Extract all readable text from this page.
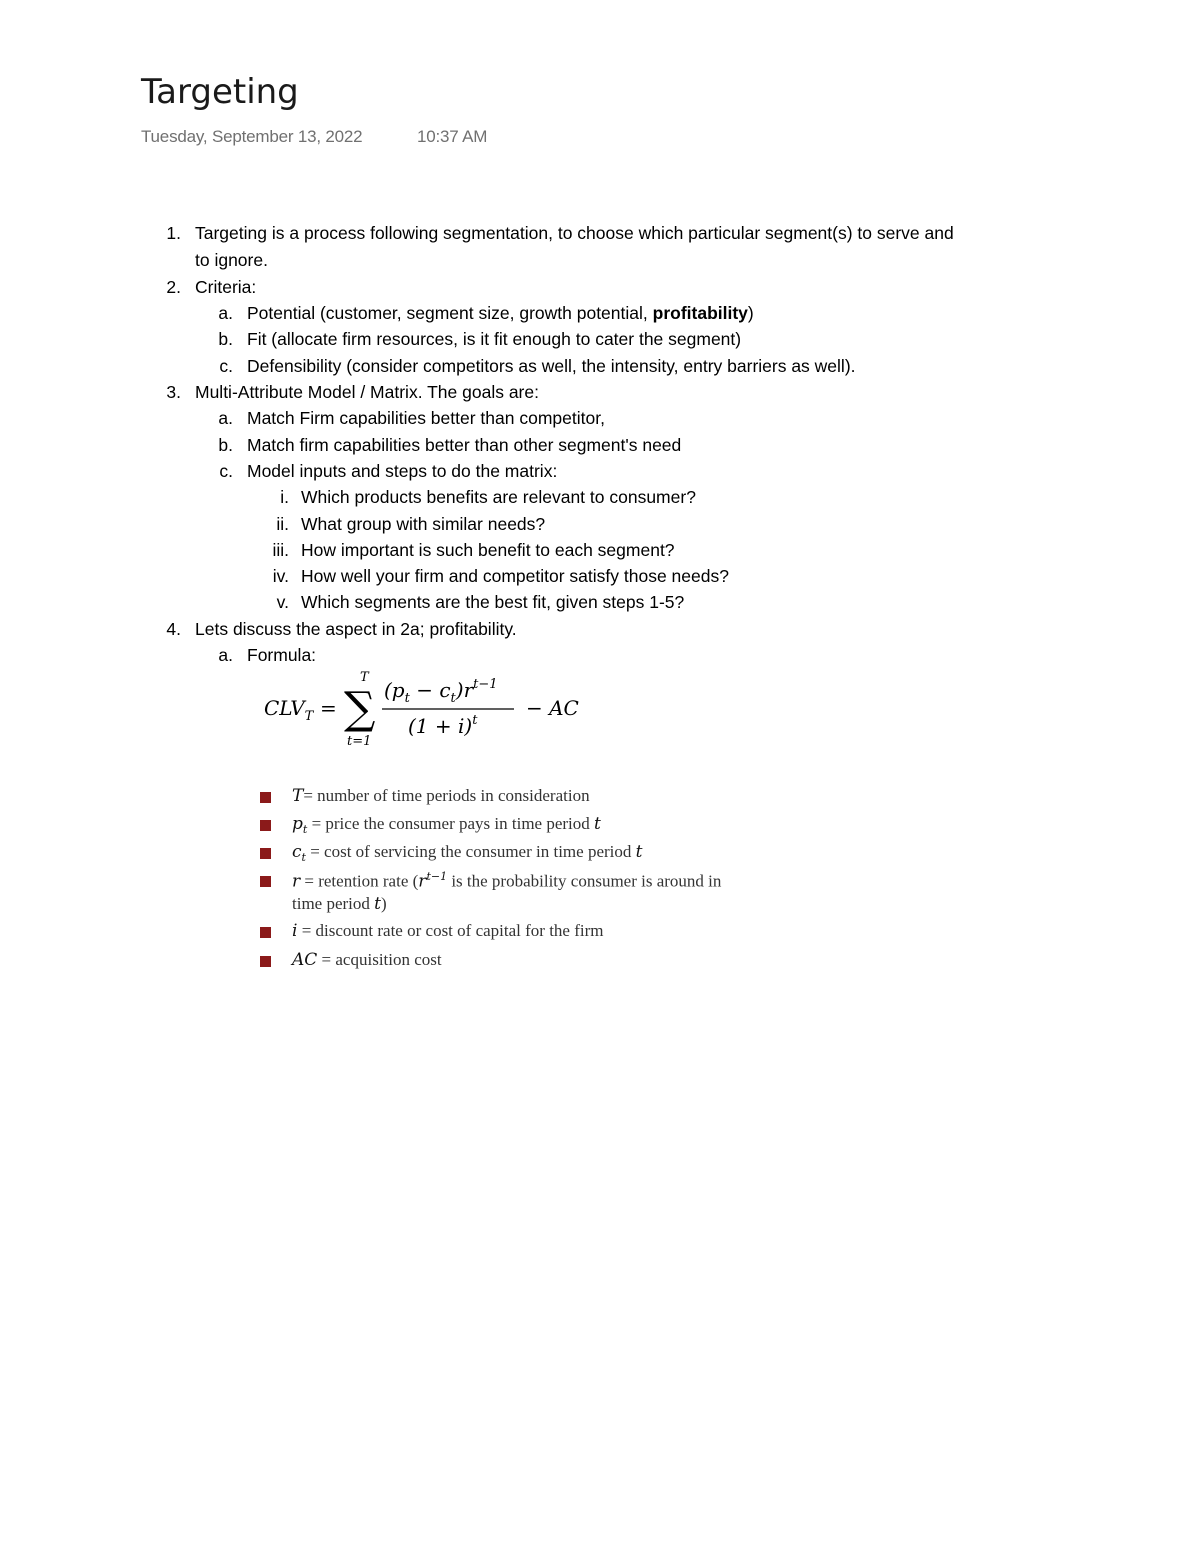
Targeting
Tuesday, September 13, 2022	10:37 AM
1. Targeting is a process following segmentation, to choose which particular segment(s) to serve and
to ignore.
2. Criteria:
a. Potential (customer, segment size, growth potential, profitability)
b. Fit (allocate firm resources, is it fit enough to cater the segment)
c. Defensibility (consider competitors as well, the intensity, entry barriers as well).
3. Multi-Attribute Model / Matrix. The goals are:
a. Match Firm capabilities better than competitor,
b. Match firm capabilities better than other segment's need
c. Model inputs and steps to do the matrix:
i. Which products benefits are relevant to consumer?
ii. What group with similar needs?
iii. How important is such benefit to each segment?
iv. How well your firm and competitor satisfy those needs?
v. Which segments are the best fit, given steps 1-5?
4. Lets discuss the aspect in 2a; profitability.
a. Formula:
$CLV_T$ = ∑
T
t=1
$(p_t - c_t)r^{t-1}$
$(1 + i)^t$
− AC
T= number of time periods in consideration
$p_t$ = price the consumer pays in time period t
$c_t = \cos t$ of servicing the consumer in time period t
r = retention rate ($r^{t-1}$ is the probability consumer is around in
time period t)
i = discount rate or cost of capital for the firm
AC = acquisition cost
